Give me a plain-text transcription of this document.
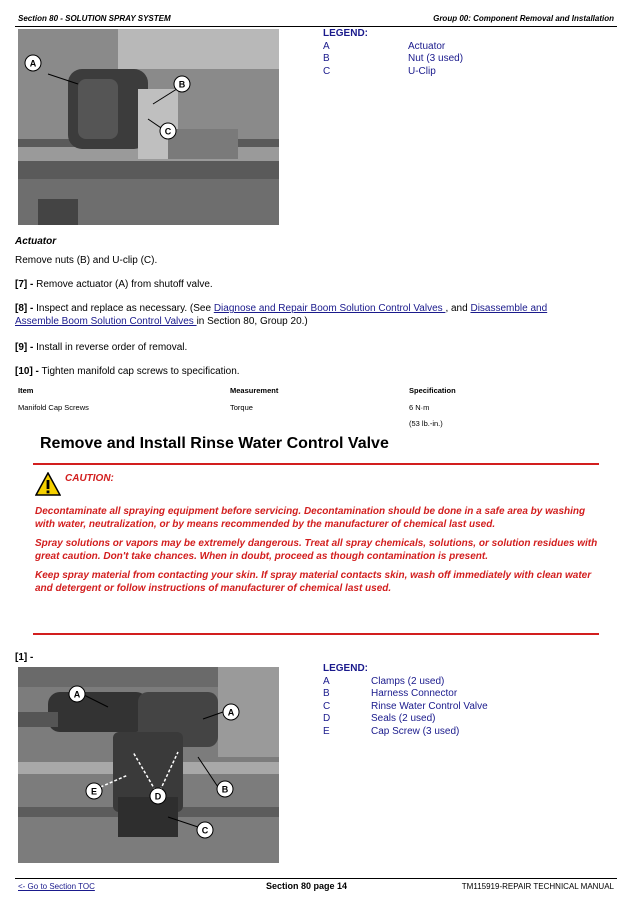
Section 80 - SOLUTION SPRAY SYSTEM	Group 00: Component Removal and Installation
A
B
C
LEGEND:
A	Actuator
B	Nut (3 used)
C	U-Clip
Actuator
Remove nuts (B) and U-clip (C).
[7] - Remove actuator (A) from shutoff valve.
[8] - Inspect and replace as necessary. (See Diagnose and Repair Boom Solution Control Valves , and Disassemble and
Assemble Boom Solution Control Valves in Section 80, Group 20.)
[9] - Install in reverse order of removal.
[10] - Tighten manifold cap screws to specification.
Item	Measurement	Specification
Manifold Cap Screws	Torque	6 N·m
(53 lb.-in.)
Remove and Install Rinse Water Control Valve
CAUTION:

Decontaminate all spraying equipment before servicing. Decontamination should be done in a safe area by washing with water, neutralization, or by means recommended by the manufacturer of chemical last used.

Spray solutions or vapors may be extremely dangerous. Treat all spray chemicals, solutions, or solution residues with great caution. Don't take chances. When in doubt, proceed as though contamination is present.

Keep spray material from contacting your skin. If spray material contacts skin, wash off immediately with clean water and detergent or follow instructions of manufacturer of chemical last used.

[1] -
A
A
B
C
D
E
LEGEND:
A	Clamps (2 used)
B	Harness Connector
C	Rinse Water Control Valve
D	Seals (2 used)
E	Cap Screw (3 used)
<- Go to Section TOC	Section 80 page 14	TM115919-REPAIR TECHNICAL MANUAL
